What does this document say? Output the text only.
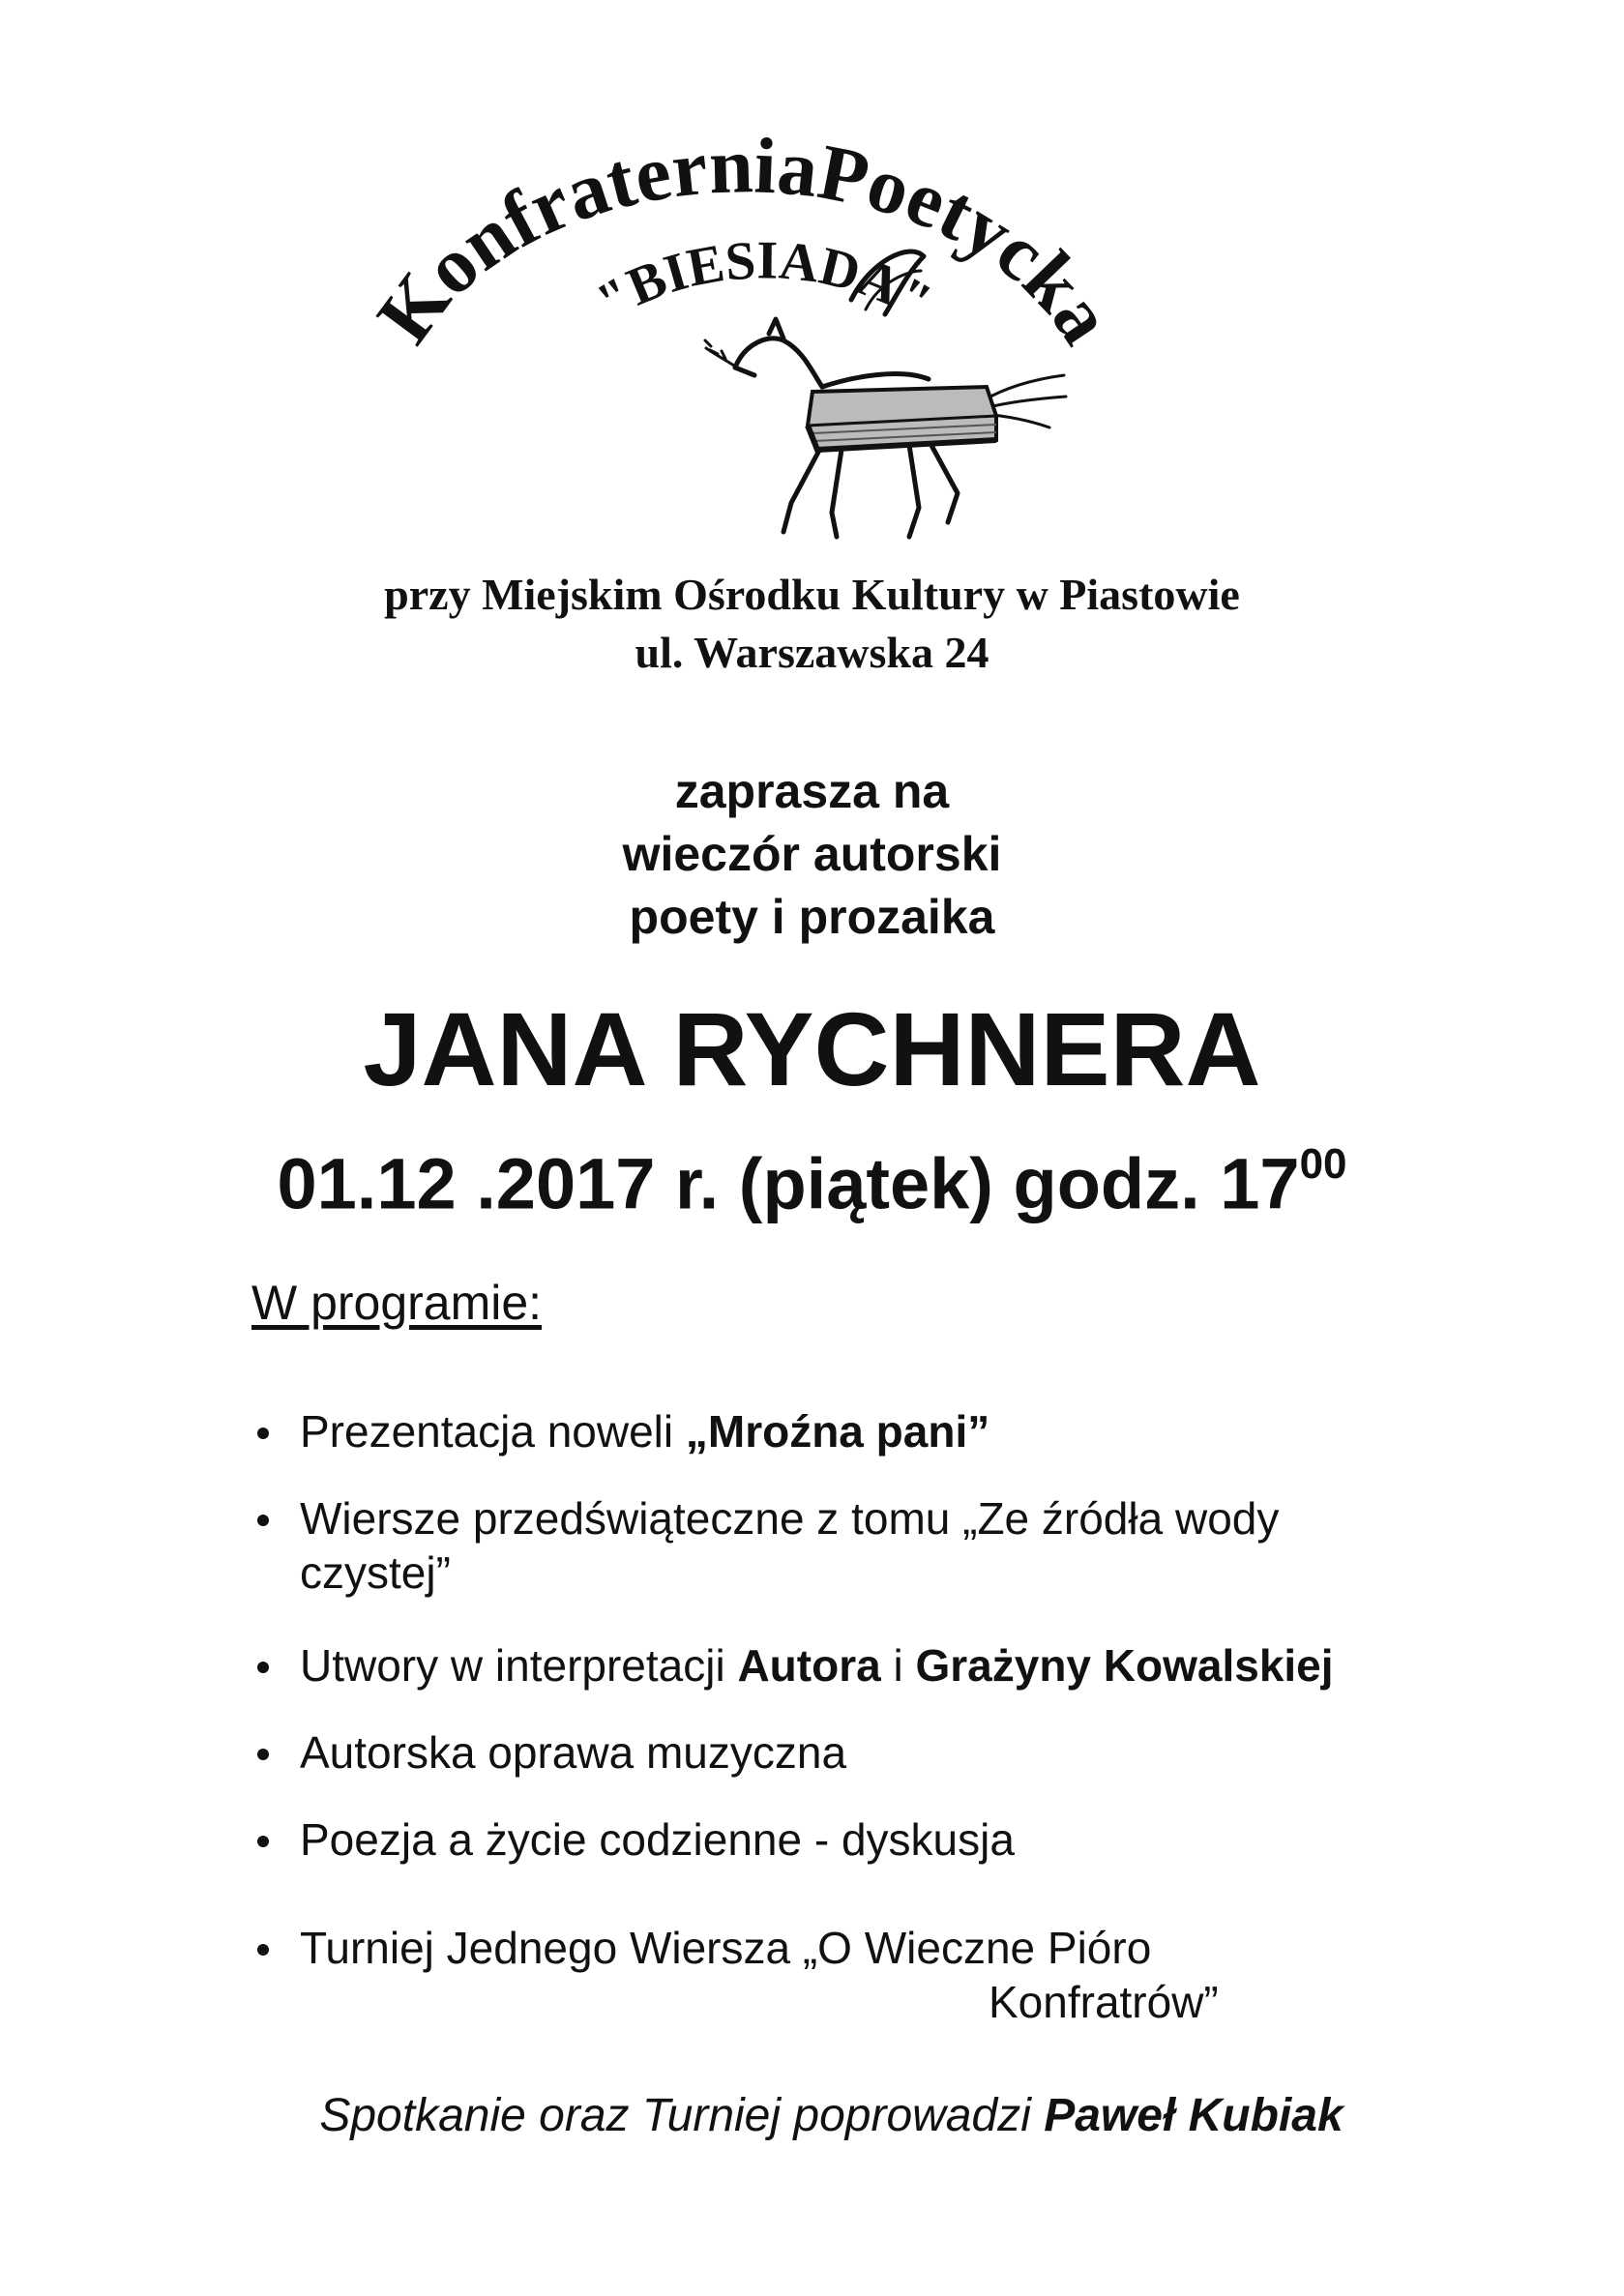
KonfraterniaPoetycka
"BIESIADA"
przy Miejskim Ośrodku Kultury w Piastowie
ul. Warszawska 24
zaprasza na
wieczór autorski
poety i prozaika
JANA RYCHNERA
01.12 .2017 r. (piątek) godz. $17^{00}$
W programie:
Prezentacja noweli „Mroźna pani”
Wiersze przedświąteczne z tomu „Ze źródła wody
czystej”
Utwory w interpretacji Autora i Grażyny Kowalskiej
Autorska oprawa muzyczna
Poezja a życie codzienne - dyskusja
Turniej Jednego Wiersza „O Wieczne Pióro
Konfratrów”
Spotkanie oraz Turniej poprowadzi Paweł Kubiak
